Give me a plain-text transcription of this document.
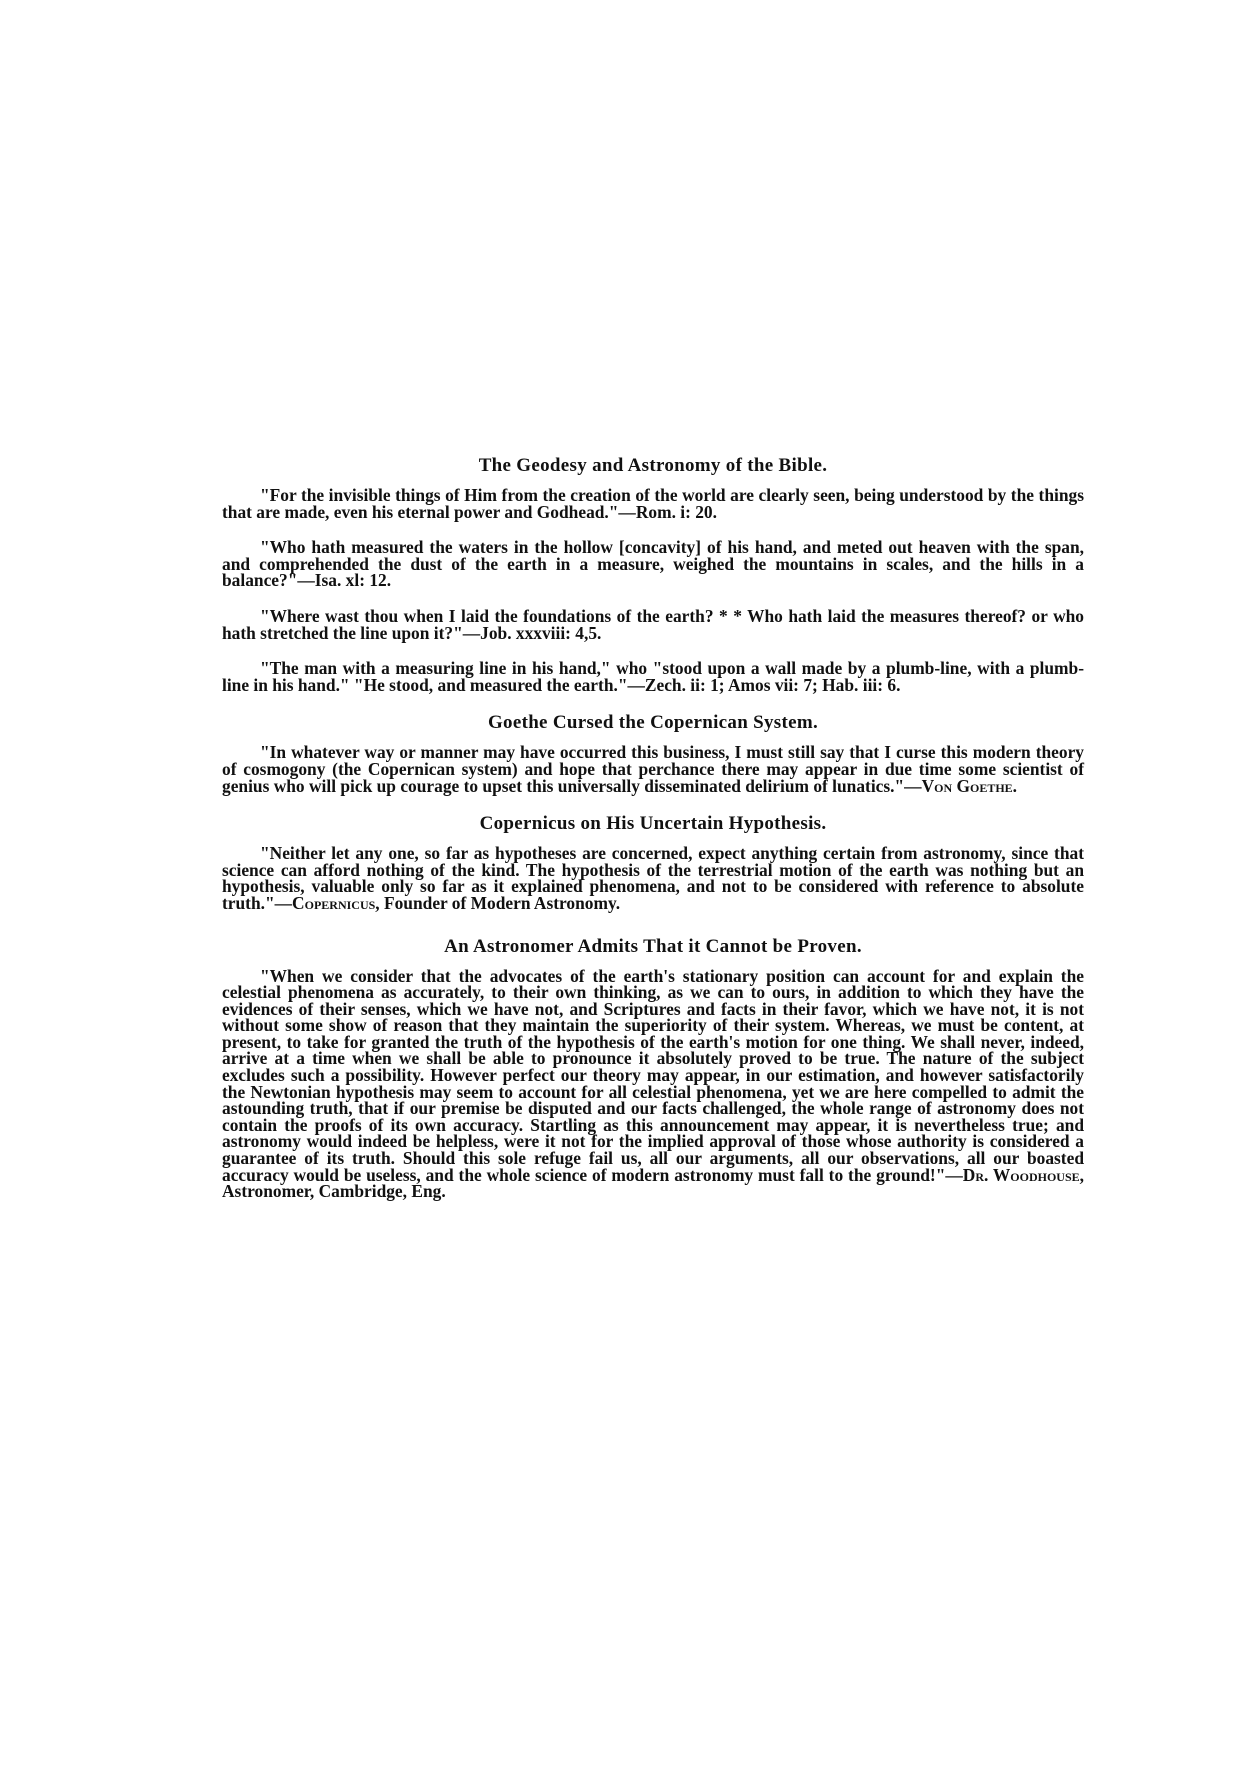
The Geodesy and Astronomy of the Bible.

"For the invisible things of Him from the creation of the world are clearly seen, being understood by the things that are made, even his eternal power and Godhead."—Rom. i: 20.

"Who hath measured the waters in the hollow [concavity] of his hand, and meted out heaven with the span, and comprehended the dust of the earth in a measure, weighed the mountains in scales, and the hills in a balance?"—Isa. xl: 12.

"Where wast thou when I laid the foundations of the earth? * * Who hath laid the measures thereof? or who hath stretched the line upon it?"—Job. xxxviii: 4,5.

"The man with a measuring line in his hand," who "stood upon a wall made by a plumb-line, with a plumb-line in his hand." "He stood, and measured the earth."—Zech. ii: 1; Amos vii: 7; Hab. iii: 6.

Goethe Cursed the Copernican System.

"In whatever way or manner may have occurred this business, I must still say that I curse this modern theory of cosmogony (the Copernican system) and hope that perchance there may appear in due time some scientist of genius who will pick up courage to upset this universally disseminated delirium of lunatics."—Von Goethe.

Copernicus on His Uncertain Hypothesis.

"Neither let any one, so far as hypotheses are concerned, expect anything certain from astronomy, since that science can afford nothing of the kind. The hypothesis of the terrestrial motion of the earth was nothing but an hypothesis, valuable only so far as it explained phenomena, and not to be considered with reference to absolute truth."—Copernicus, Founder of Modern Astronomy.

An Astronomer Admits That it Cannot be Proven.

"When we consider that the advocates of the earth's stationary position can account for and explain the celestial phenomena as accurately, to their own thinking, as we can to ours, in addition to which they have the evidences of their senses, which we have not, and Scriptures and facts in their favor, which we have not, it is not without some show of reason that they maintain the superiority of their system. Whereas, we must be content, at present, to take for granted the truth of the hypothesis of the earth's motion for one thing. We shall never, indeed, arrive at a time when we shall be able to pronounce it absolutely proved to be true. The nature of the subject excludes such a possibility. However perfect our theory may appear, in our estimation, and however satisfactorily the Newtonian hypothesis may seem to account for all celestial phenomena, yet we are here compelled to admit the astounding truth, that if our premise be disputed and our facts challenged, the whole range of astronomy does not contain the proofs of its own accuracy. Startling as this announcement may appear, it is nevertheless true; and astronomy would indeed be helpless, were it not for the implied approval of those whose authority is considered a guarantee of its truth. Should this sole refuge fail us, all our arguments, all our observations, all our boasted accuracy would be useless, and the whole science of modern astronomy must fall to the ground!"—Dr. Woodhouse, Astronomer, Cambridge, Eng.
